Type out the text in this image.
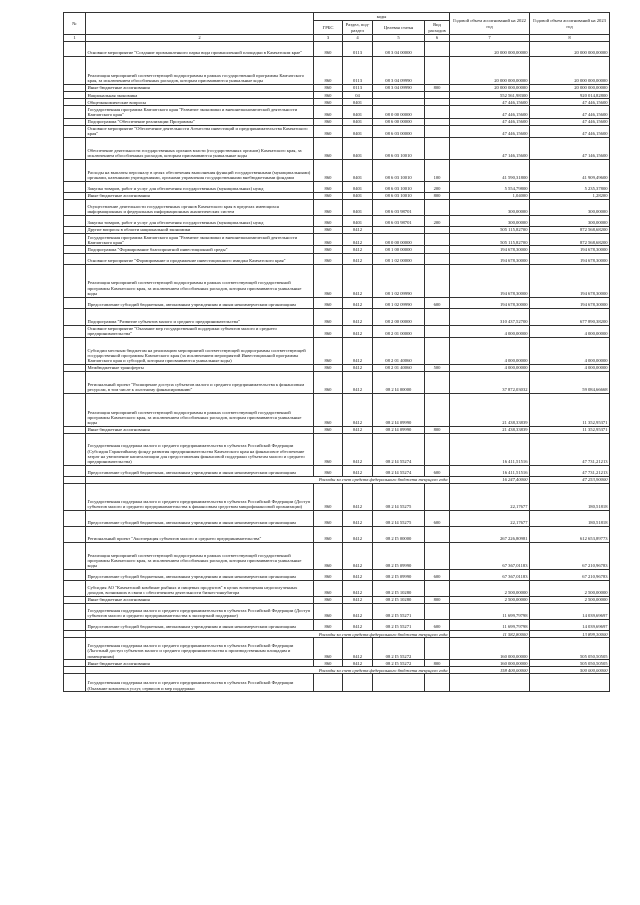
№		коды				Годовой объем ассигнований на 2022 год	Годовой объем ассигнований на 2023 год
		ГРБС	Раздел, под- раздел	Целевая статья	Вид расходов		
1	2	3	4	5	6	7	8
	Основное мероприятие "Создание промышленного парка вида промышленной площадки в Камчатском крае"	860	0113	08 3 04 00000		20 000 000,00000	20 000 000,00000
	Реализация мероприятий соответствующей подпрограммы в рамках государственной программы Камчатского края, за исключением обособленных расходов, которым присваиваются уникальные коды	860	0113	08 3 04 09990		20 000 000,00000	20 000 000,00000
	Иные бюджетные ассигнования	860	0113	08 3 04 09990	800	20 000 000,00000	20 000 000,00000
	Национальная экономика	860	04			552 561,98300	920 014,82800
	Общеэкономические вопросы	860	0401			47 446,15600	47 446,15600
	Государственная программа Камчатского края "Развитие экономики и внешнеэкономической деятельности Камчатского края"	860	0401	08 0 00 00000		47 446,15600	47 446,15600
	Подпрограмма "Обеспечение реализации Программы"	860	0401	08 6 00 00000		47 446,15600	47 446,15600
	Основное мероприятие "Обеспечение деятельности Агентства инвестиций и предпринимательства Камчатского края"	860	0401	08 6 03 00000		47 446,15600	47 446,15600
	Обеспечение деятельности государственных органов власти (государственных органов) Камчатского края, за исключением обособленных расходов, которым присваиваются уникальные коды	860	0401	08 6 03 10010		47 146,15600	47 146,15600
	Расходы на выплаты персоналу в целях обеспечения выполнения функций государственными (муниципальными) органами, казенными учреждениями, органами управления государственными внебюджетными фондами	860	0401	08 6 03 10010	100	41 590,31800	41 909,49600
	Закупка товаров, работ и услуг для обеспечения государственных (муниципальных) нужд	860	0401	08 6 03 10010	200	5 554,79800	5 235,37800
	Иные бюджетные ассигнования	860	0401	08 6 03 10010	800	1,04000	1,28200
	Осуществление деятельности государственных органов Камчатского края в пределах имеющихся информационных и федеральных информационных аналитических систем	860	0401	08 6 03 98701		300,00000	300,00000
	Закупка товаров, работ и услуг для обеспечения государственных (муниципальных) нужд	860	0401	08 6 03 98701	200	300,00000	300,00000
	Другие вопросы в области национальной экономики	860	0412			505 115,82700	872 568,68200
	Государственная программа Камчатского края "Развитие экономики и внешнеэкономической деятельности Камчатского края"	860	0412	08 0 00 00000		505 115,82700	872 568,68200
	Подпрограмма "Формирование благоприятной инвестиционной среды"	860	0412	08 1 00 00000		194 678,30000	194 678,30000
	Основное мероприятие "Формирование и продвижение инвестиционного имиджа Камчатского края"	860	0412	08 1 02 00000		194 678,30000	194 678,30000
	Реализация мероприятий соответствующей подпрограммы в рамках соответствующей государственной программы Камчатского края, за исключением обособленных расходов, которым присваиваются уникальные коды	860	0412	08 1 02 09990		194 678,30000	194 678,30000
	Предоставление субсидий бюджетным, автономным учреждениям и иным некоммерческим организациям	860	0412	08 1 02 09990	600	194 678,30000	194 678,30000
	Подпрограмма "Развитие субъектов малого и среднего предпринимательства"	860	0412	08 2 00 00000		310 437,52700	677 890,38200
	Основное мероприятие "Оказание мер государственной поддержки субъектов малого и среднего предпринимательства"	860	0412	08 2 01 00000		4 000,00000	4 000,00000
	Субсидии местным бюджетам на реализацию мероприятий соответствующей подпрограммы соответствующей государственной программы Камчатского края (за исключением мероприятий Инвестиционной программы Камчатского края и субсидий, которым присваиваются уникальные коды)	860	0412	08 2 01 40060		4 000,00000	4 000,00000
	Межбюджетные трансферты	860	0412	08 2 01 40060	500	4 000,00000	4 000,00000
	Региональный проект "Расширение доступа субъектов малого и среднего предпринимательства к финансовым ресурсам, в том числе к льготному финансированию"	860	0412	08 2 I4 00000		37 872,03032	59 084,66668
	Реализация мероприятий соответствующей подпрограммы в рамках соответствующей государственной программы Камчатского края, за исключением обособленных расходов, которым присваиваются уникальные коды	860	0412	08 2 I4 09990		21 438,33839	11 352,95371
	Иные бюджетные ассигнования	860	0412	08 2 I4 09990	800	21 438,33839	11 352,95371
	Государственная поддержка малого и среднего предпринимательства в субъектах Российской Федерации (Субсидия Гарантийному фонду развития предпринимательства Камчатского края на финансовое обеспечение затрат на увеличение капитализации для предоставления финансовой поддержки субъектам малого и среднего предпринимательства)	860	0412	08 2 I4 55274		16 411,51516	47 731,21213
	Предоставление субсидий бюджетным, автономным учреждениям и иным некоммерческим организациям	860	0412	08 2 I4 55274	600	16 411,51516	47 731,21213
	Расходы за счет средств федерального бюджета текущего года					16 247,40000	47 253,90000
	Государственная поддержка малого и среднего предпринимательства в субъектах Российской Федерации (Доступ субъектов малого и среднего предпринимательства к финансовым средствам микрофинансовой организации)	860	0412	08 2 I4 55275		22,17677	180,51818
	Предоставление субсидий бюджетным, автономным учреждениям и иным некоммерческим организациям	860	0412	08 2 I4 55275	600	22,17677	180,51818
	Региональный проект "Акселерация субъектов малого и среднего предпринимательства"	860	0412	08 2 I5 00000		267 226,80981	612 653,89773
	Реализация мероприятий соответствующей подпрограммы в рамках соответствующей государственной программы Камчатского края, за исключением обособленных расходов, которым присваиваются уникальные коды	860	0412	08 2 I5 09990		67 367,01183	67 210,96783
	Предоставление субсидий бюджетным, автономным учреждениям и иным некоммерческим организациям	860	0412	08 2 I5 09990	600	67 367,01183	67 210,96783
	Субсидия АО "Камчатский комбинат рыбных и пищевых продуктов" в целях возмещения недополученных доходов, возникших в связи с обеспечением деятельности бизнес-инкубатора	860	0412	08 2 I5 10280		2 500,00000	2 500,00000
	Иные бюджетные ассигнования	860	0412	08 2 I5 10280	800	2 500,00000	2 500,00000
	Государственная поддержка малого и среднего предпринимательства в субъектах Российской Федерации (Доступ субъектов малого и среднего предпринимательства к экспортной поддержке)	860	0412	08 2 I5 55271		11 699,79798	14 039,69697
	Предоставление субсидий бюджетным, автономным учреждениям и иным некоммерческим организациям	860	0412	08 2 I5 55271	600	11 699,79798	14 039,69697
	Расходы за счет средств федерального бюджета текущего года					11 582,80000	13 899,30000
	Государственная поддержка малого и среднего предпринимательства в субъектах Российской Федерации (Льготный доступ субъектов малого и среднего предпринимательства к производственным площадям и помещениям)	860	0412	08 2 I5 55272		160 000,00000	505 050,50505
	Иные бюджетные ассигнования	860	0412	08 2 I5 55272	800	160 000,00000	505 050,50505
	Расходы за счет средств федерального бюджета текущего года					158 400,00000	500 000,00000
	Государственная поддержка малого и среднего предпринимательства в субъектах Российской Федерации (Оказание комплекса услуг, сервисов и мер поддержки						
